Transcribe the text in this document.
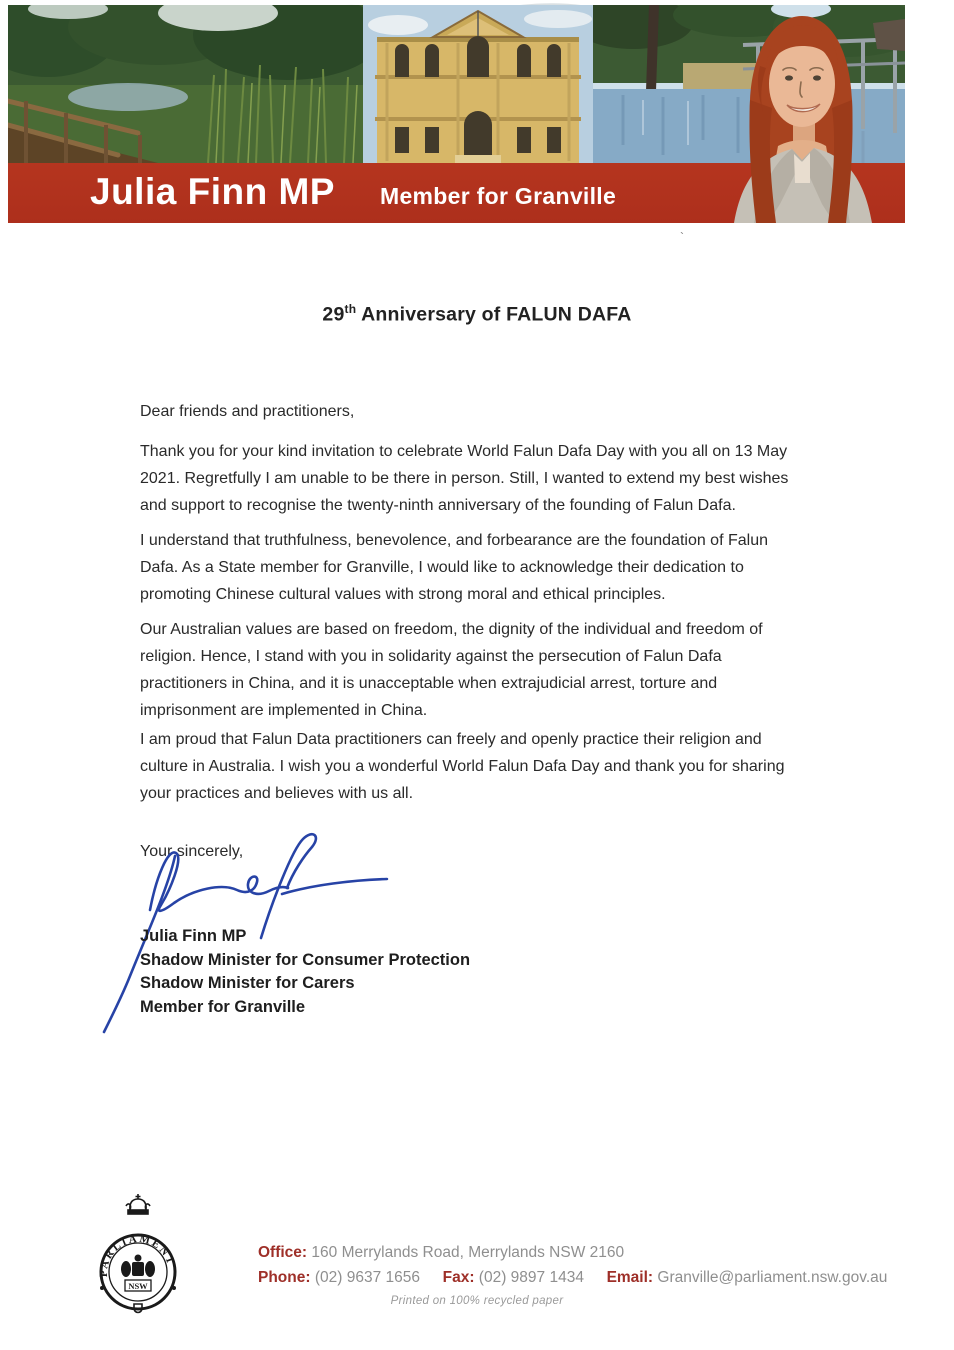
Julia Finn MP Member for Granville
`
29th Anniversary of FALUN DAFA
Dear friends and practitioners,
Thank you for your kind invitation to celebrate World Falun Dafa Day with you all on 13 May
2021. Regretfully I am unable to be there in person. Still, I wanted to extend my best wishes
and support to recognise the twenty-ninth anniversary of the founding of Falun Dafa.
I understand that truthfulness, benevolence, and forbearance are the foundation of Falun
Dafa. As a State member for Granville, I would like to acknowledge their dedication to
promoting Chinese cultural values with strong moral and ethical principles.
Our Australian values are based on freedom, the dignity of the individual and freedom of
religion. Hence, I stand with you in solidarity against the persecution of Falun Dafa
practitioners in China, and it is unacceptable when extrajudicial arrest, torture and
imprisonment are implemented in China.
I am proud that Falun Data practitioners can freely and openly practice their religion and
culture in Australia. I wish you a wonderful World Falun Dafa Day and thank you for sharing
your practices and believes with us all.
Your sincerely,
Julia Finn MP
Shadow Minister for Consumer Protection
Shadow Minister for Carers
Member for Granville
PARLIAMENT
NSW
Office: 160 Merrylands Road, Merrylands NSW 2160
Phone: (02) 9637 1656 Fax: (02) 9897 1434 Email: Granville@parliament.nsw.gov.au
Printed on 100% recycled paper
